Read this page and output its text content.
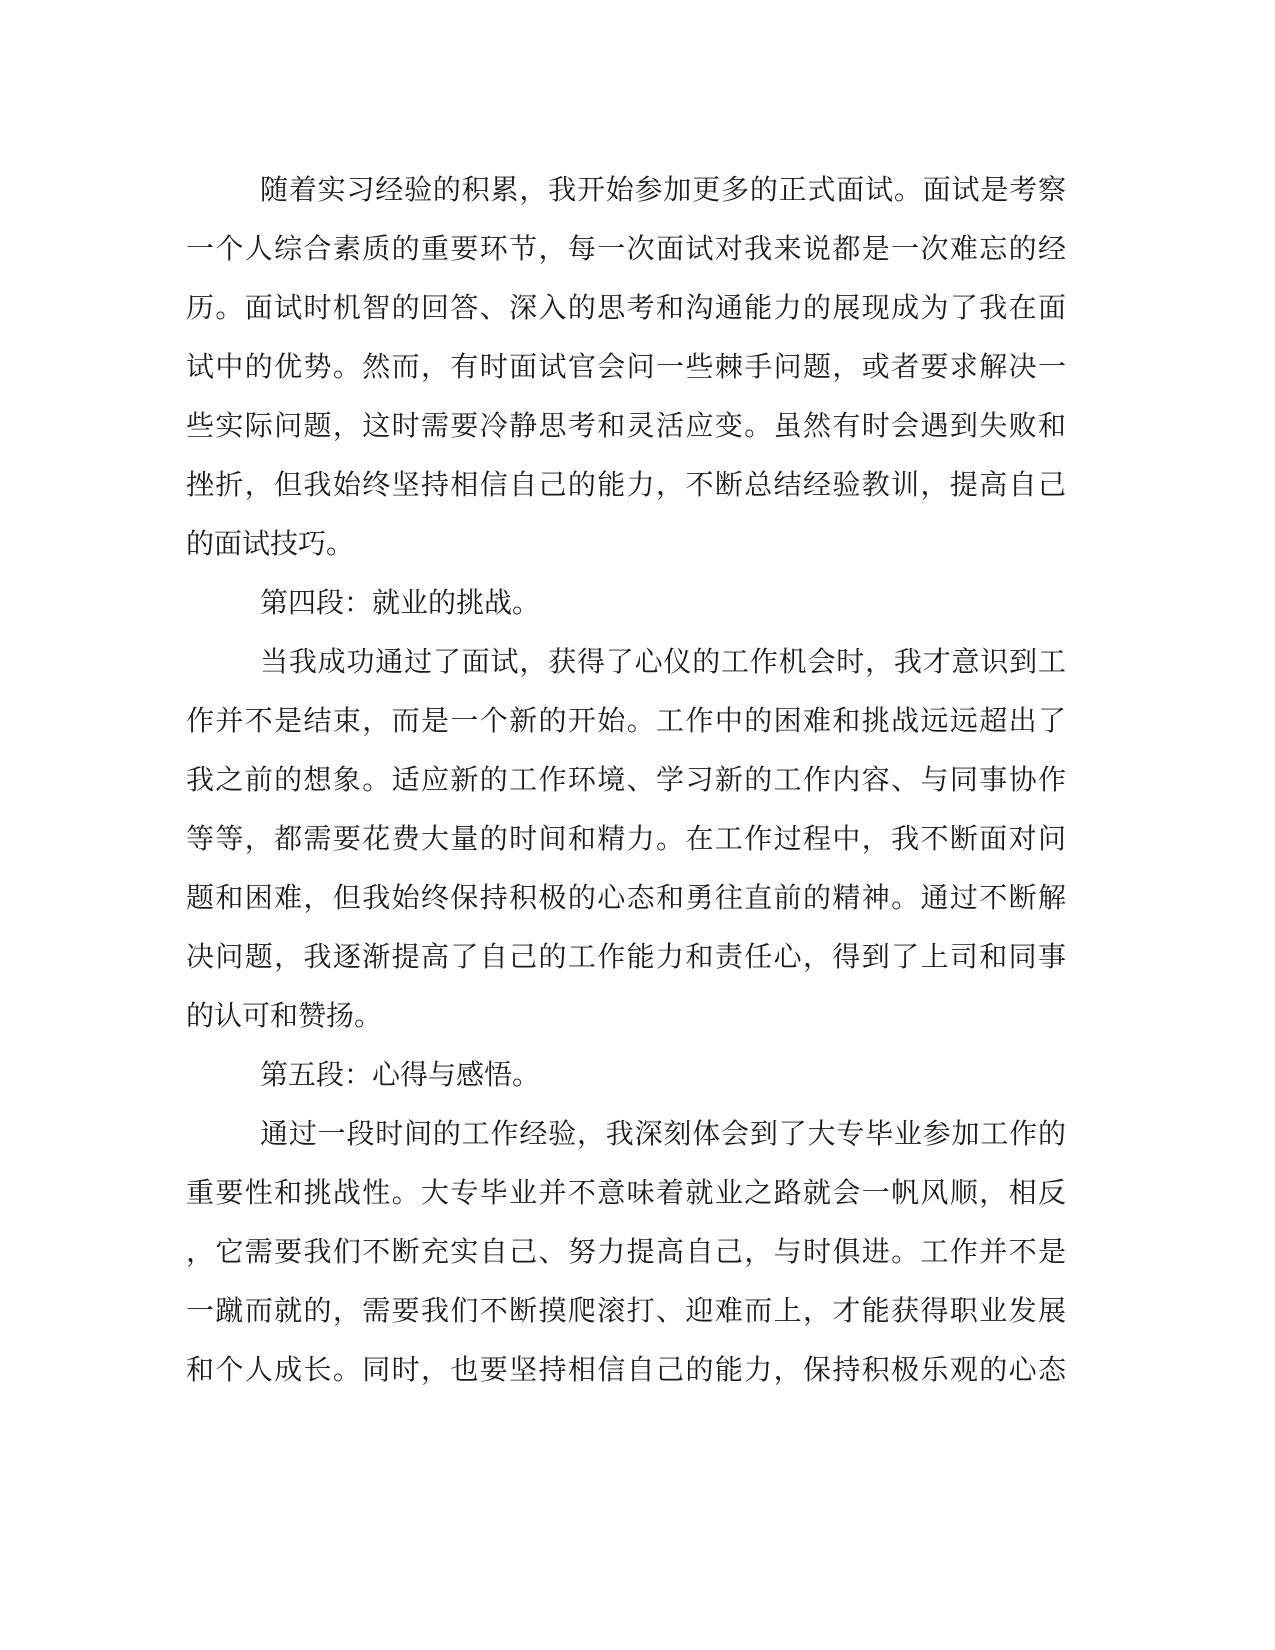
随着实习经验的积累，我开始参加更多的正式面试。面试是考察
一个人综合素质的重要环节，每一次面试对我来说都是一次难忘的经
历。面试时机智的回答、深入的思考和沟通能力的展现成为了我在面
试中的优势。然而，有时面试官会问一些棘手问题，或者要求解决一
些实际问题，这时需要冷静思考和灵活应变。虽然有时会遇到失败和
挫折，但我始终坚持相信自己的能力，不断总结经验教训，提高自己
的面试技巧。
第四段：就业的挑战。
当我成功通过了面试，获得了心仪的工作机会时，我才意识到工
作并不是结束，而是一个新的开始。工作中的困难和挑战远远超出了
我之前的想象。适应新的工作环境、学习新的工作内容、与同事协作
等等，都需要花费大量的时间和精力。在工作过程中，我不断面对问
题和困难，但我始终保持积极的心态和勇往直前的精神。通过不断解
决问题，我逐渐提高了自己的工作能力和责任心，得到了上司和同事
的认可和赞扬。
第五段：心得与感悟。
通过一段时间的工作经验，我深刻体会到了大专毕业参加工作的
重要性和挑战性。大专毕业并不意味着就业之路就会一帆风顺，相反
，它需要我们不断充实自己、努力提高自己，与时俱进。工作并不是
一蹴而就的，需要我们不断摸爬滚打、迎难而上，才能获得职业发展
和个人成长。同时，也要坚持相信自己的能力，保持积极乐观的心态
